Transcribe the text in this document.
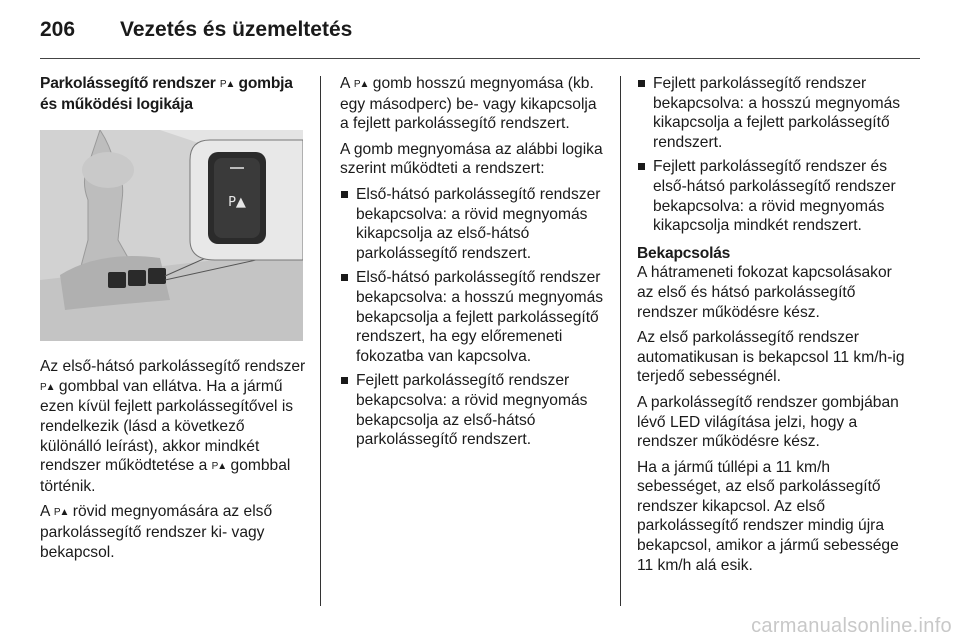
206	Vezetés és üzemeltetés
Parkolássegítő rendszer P▲ gombja és működési logikája
P▲
Az első-hátsó parkolássegítő rendszer P▲ gombbal van ellátva. Ha a jármű ezen kívül fejlett parkolássegítővel is rendelkezik (lásd a következő különálló leírást), akkor mindkét rendszer működtetése a P▲ gombbal történik.
A P▲ rövid megnyomására az első parkolássegítő rendszer ki- vagy bekapcsol.
A P▲ gomb hosszú megnyomása (kb. egy másodperc) be- vagy kikapcsolja a fejlett parkolássegítő rendszert.
A gomb megnyomása az alábbi logika szerint működteti a rendszert:
Első-hátsó parkolássegítő rendszer bekapcsolva: a rövid megnyomás kikapcsolja az első-hátsó parkolássegítő rendszert.
Első-hátsó parkolássegítő rendszer bekapcsolva: a hosszú megnyomás bekapcsolja a fejlett parkolássegítő rendszert, ha egy előremeneti fokozatba van kapcsolva.
Fejlett parkolássegítő rendszer bekapcsolva: a rövid megnyomás bekapcsolja az első-hátsó parkolássegítő rendszert.
Fejlett parkolássegítő rendszer bekapcsolva: a hosszú megnyomás kikapcsolja a fejlett parkolássegítő rendszert.
Fejlett parkolássegítő rendszer és első-hátsó parkolássegítő rendszer bekapcsolva: a rövid megnyomás kikapcsolja mindkét rendszert.
Bekapcsolás
A hátrameneti fokozat kapcsolásakor az első és hátsó parkolássegítő rendszer működésre kész.
Az első parkolássegítő rendszer automatikusan is bekapcsol 11 km/h-ig terjedő sebességnél.
A parkolássegítő rendszer gombjában lévő LED világítása jelzi, hogy a rendszer működésre kész.
Ha a jármű túllépi a 11 km/h sebességet, az első parkolássegítő rendszer kikapcsol. Az első parkolássegítő rendszer mindig újra bekapcsol, amikor a jármű sebessége 11 km/h alá esik.
carmanualsonline.info
